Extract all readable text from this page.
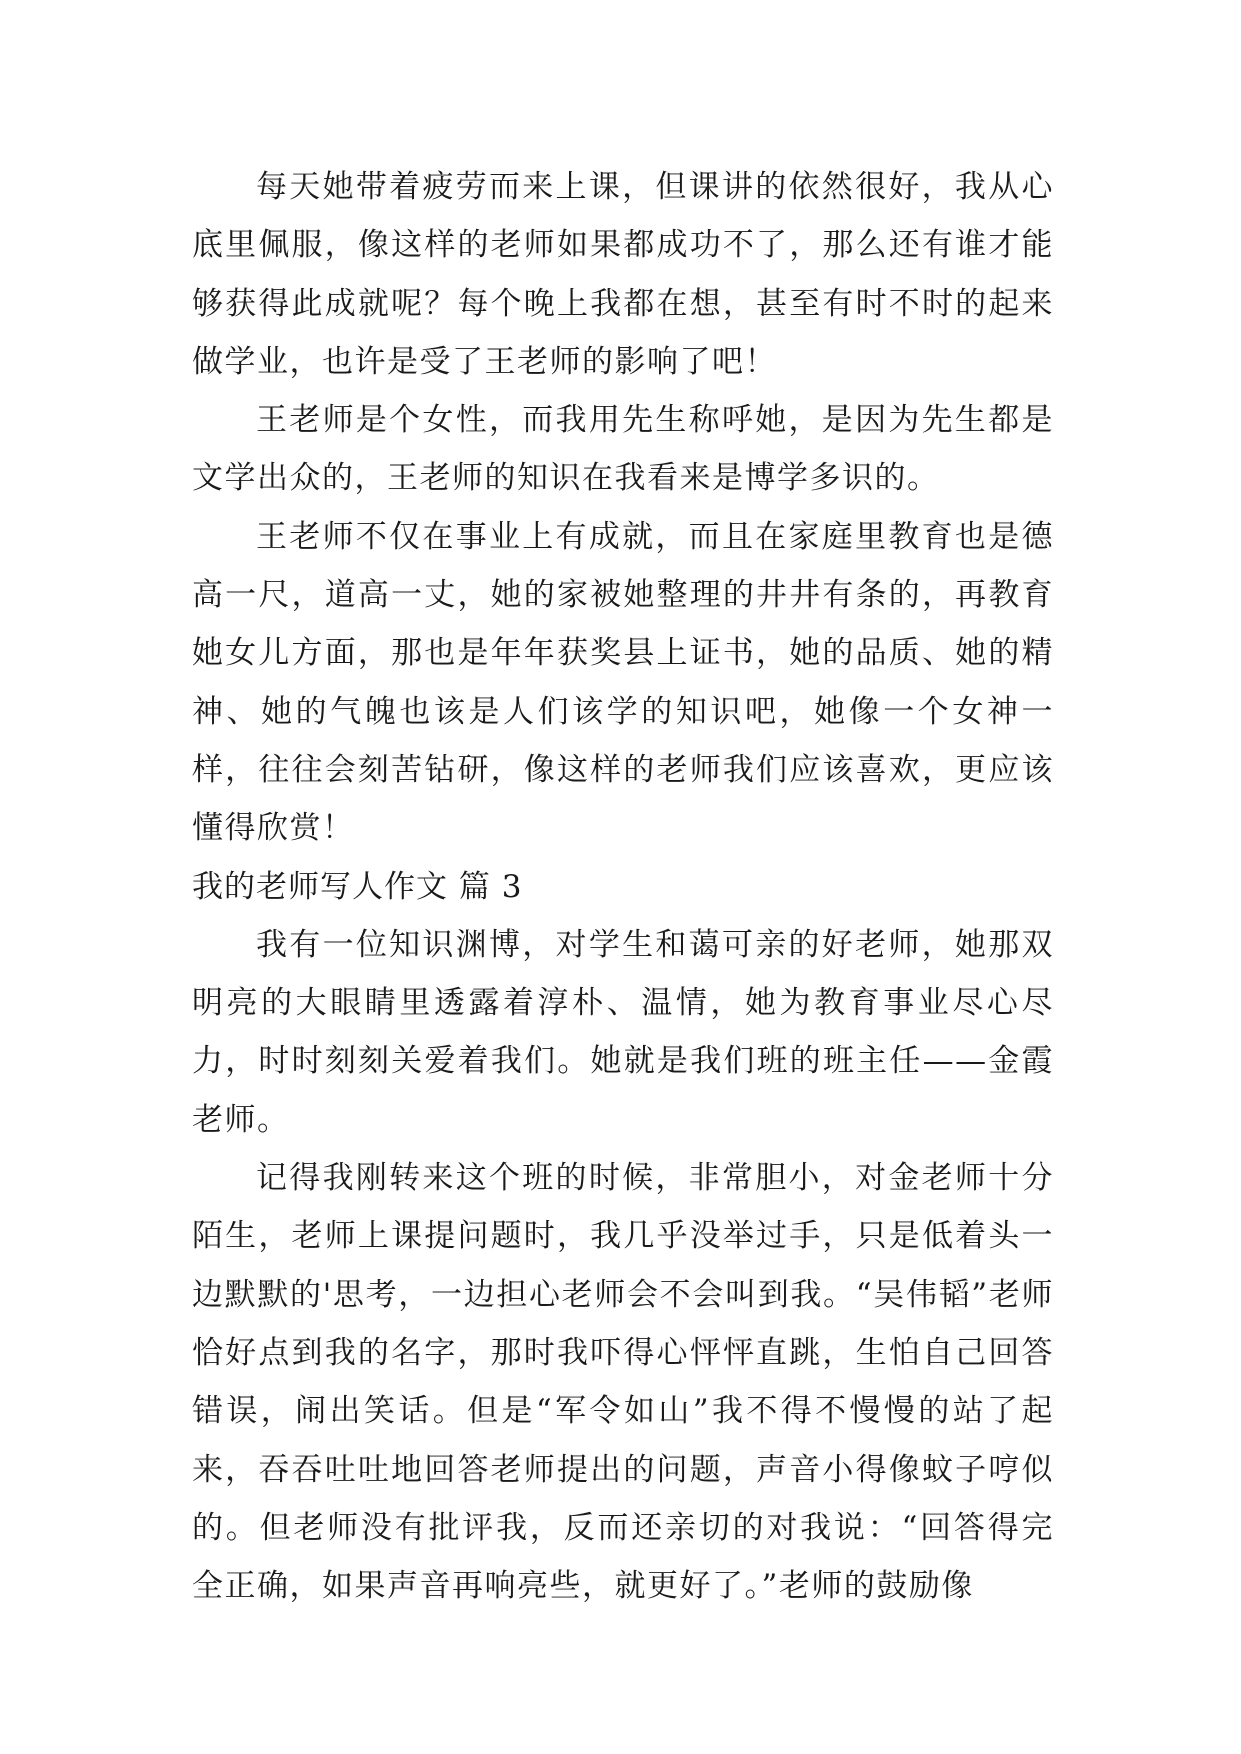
每天她带着疲劳而来上课，但课讲的依然很好，我从心底里佩服，像这样的老师如果都成功不了，那么还有谁才能够获得此成就呢？每个晚上我都在想，甚至有时不时的起来做学业，也许是受了王老师的影响了吧！

王老师是个女性，而我用先生称呼她，是因为先生都是文学出众的，王老师的知识在我看来是博学多识的。

王老师不仅在事业上有成就，而且在家庭里教育也是德高一尺，道高一丈，她的家被她整理的井井有条的，再教育她女儿方面，那也是年年获奖县上证书，她的品质、她的精神、她的气魄也该是人们该学的知识吧，她像一个女神一样，往往会刻苦钻研，像这样的老师我们应该喜欢，更应该懂得欣赏！

我的老师写人作文 篇 3

我有一位知识渊博，对学生和蔼可亲的好老师，她那双明亮的大眼睛里透露着淳朴、温情，她为教育事业尽心尽力，时时刻刻关爱着我们。她就是我们班的班主任——金霞老师。

记得我刚转来这个班的时候，非常胆小，对金老师十分陌生，老师上课提问题时，我几乎没举过手，只是低着头一边默默的'思考，一边担心老师会不会叫到我。“吴伟韬”老师恰好点到我的名字，那时我吓得心怦怦直跳，生怕自己回答错误，闹出笑话。但是“军令如山”我不得不慢慢的站了起来，吞吞吐吐地回答老师提出的问题，声音小得像蚊子哼似的。但老师没有批评我，反而还亲切的对我说：“回答得完全正确，如果声音再响亮些，就更好了。”老师的鼓励像
